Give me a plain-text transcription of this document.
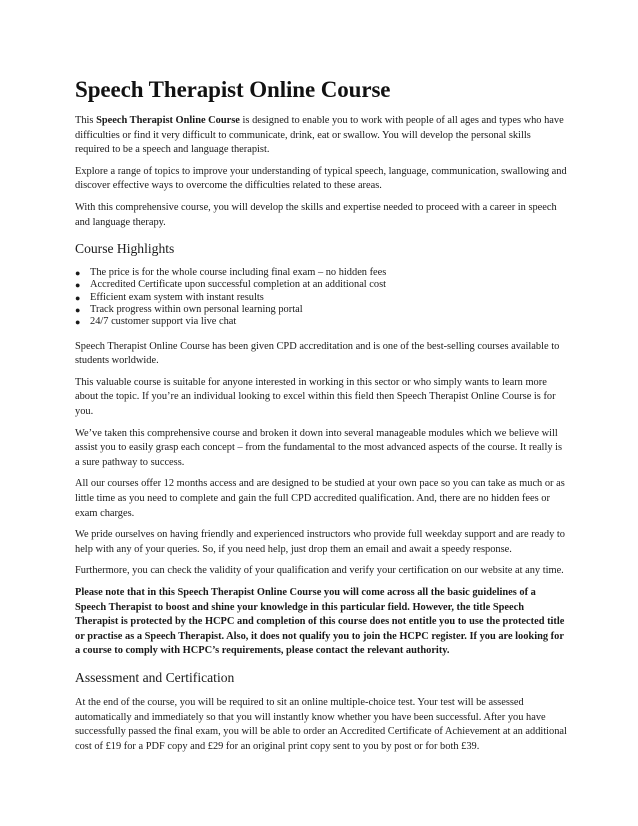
Speech Therapist Online Course

This Speech Therapist Online Course is designed to enable you to work with people of all ages and types who have difficulties or find it very difficult to communicate, drink, eat or swallow. You will develop the personal skills required to be a speech and language therapist.

Explore a range of topics to improve your understanding of typical speech, language, communication, swallowing and discover effective ways to overcome the difficulties related to these areas.

With this comprehensive course, you will develop the skills and expertise needed to proceed with a career in speech and language therapy.

Course Highlights
● The price is for the whole course including final exam – no hidden fees
● Accredited Certificate upon successful completion at an additional cost
● Efficient exam system with instant results
● Track progress within own personal learning portal
● 24/7 customer support via live chat

Speech Therapist Online Course has been given CPD accreditation and is one of the best-selling courses available to students worldwide.

This valuable course is suitable for anyone interested in working in this sector or who simply wants to learn more about the topic. If you’re an individual looking to excel within this field then Speech Therapist Online Course is for you.

We’ve taken this comprehensive course and broken it down into several manageable modules which we believe will assist you to easily grasp each concept – from the fundamental to the most advanced aspects of the course. It really is a sure pathway to success.

All our courses offer 12 months access and are designed to be studied at your own pace so you can take as much or as little time as you need to complete and gain the full CPD accredited qualification. And, there are no hidden fees or exam charges.

We pride ourselves on having friendly and experienced instructors who provide full weekday support and are ready to help with any of your queries. So, if you need help, just drop them an email and await a speedy response.

Furthermore, you can check the validity of your qualification and verify your certification on our website at any time.

Please note that in this Speech Therapist Online Course you will come across all the basic guidelines of a Speech Therapist to boost and shine your knowledge in this particular field. However, the title Speech Therapist is protected by the HCPC and completion of this course does not entitle you to use the protected title or practise as a Speech Therapist. Also, it does not qualify you to join the HCPC register. If you are looking for a course to comply with HCPC’s requirements, please contact the relevant authority.

Assessment and Certification

At the end of the course, you will be required to sit an online multiple-choice test. Your test will be assessed automatically and immediately so that you will instantly know whether you have been successful. After you have successfully passed the final exam, you will be able to order an Accredited Certificate of Achievement at an additional cost of £19 for a PDF copy and £29 for an original print copy sent to you by post or for both £39.
